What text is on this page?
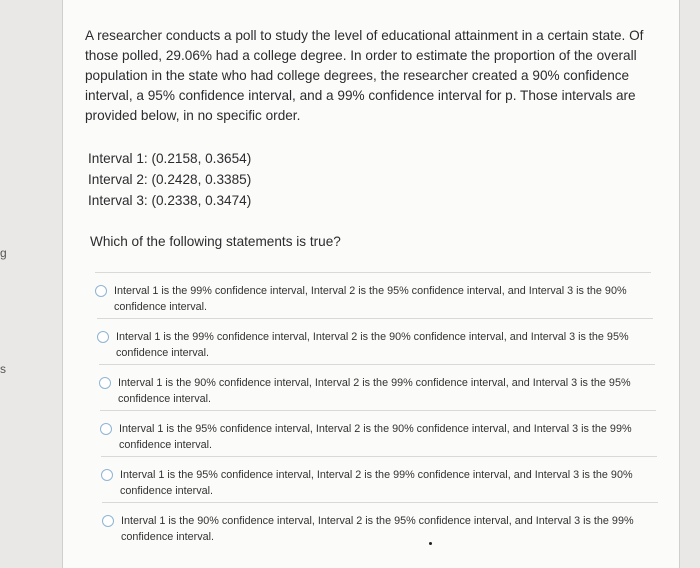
g
s

A researcher conducts a poll to study the level of educational attainment in a certain state. Of those polled, 29.06% had a college degree. In order to estimate the proportion of the overall population in the state who had college degrees, the researcher created a 90% confidence interval, a 95% confidence interval, and a 99% confidence interval for p. Those intervals are provided below, in no specific order.

Interval 1: (0.2158, 0.3654)
Interval 2: (0.2428, 0.3385)
Interval 3: (0.2338, 0.3474)

Which of the following statements is true?

Interval 1 is the 99% confidence interval, Interval 2 is the 95% confidence interval, and Interval 3 is the 90% confidence interval.
Interval 1 is the 99% confidence interval, Interval 2 is the 90% confidence interval, and Interval 3 is the 95% confidence interval.
Interval 1 is the 90% confidence interval, Interval 2 is the 99% confidence interval, and Interval 3 is the 95% confidence interval.
Interval 1 is the 95% confidence interval, Interval 2 is the 90% confidence interval, and Interval 3 is the 99% confidence interval.
Interval 1 is the 95% confidence interval, Interval 2 is the 99% confidence interval, and Interval 3 is the 90% confidence interval.
Interval 1 is the 90% confidence interval, Interval 2 is the 95% confidence interval, and Interval 3 is the 99% confidence interval.
